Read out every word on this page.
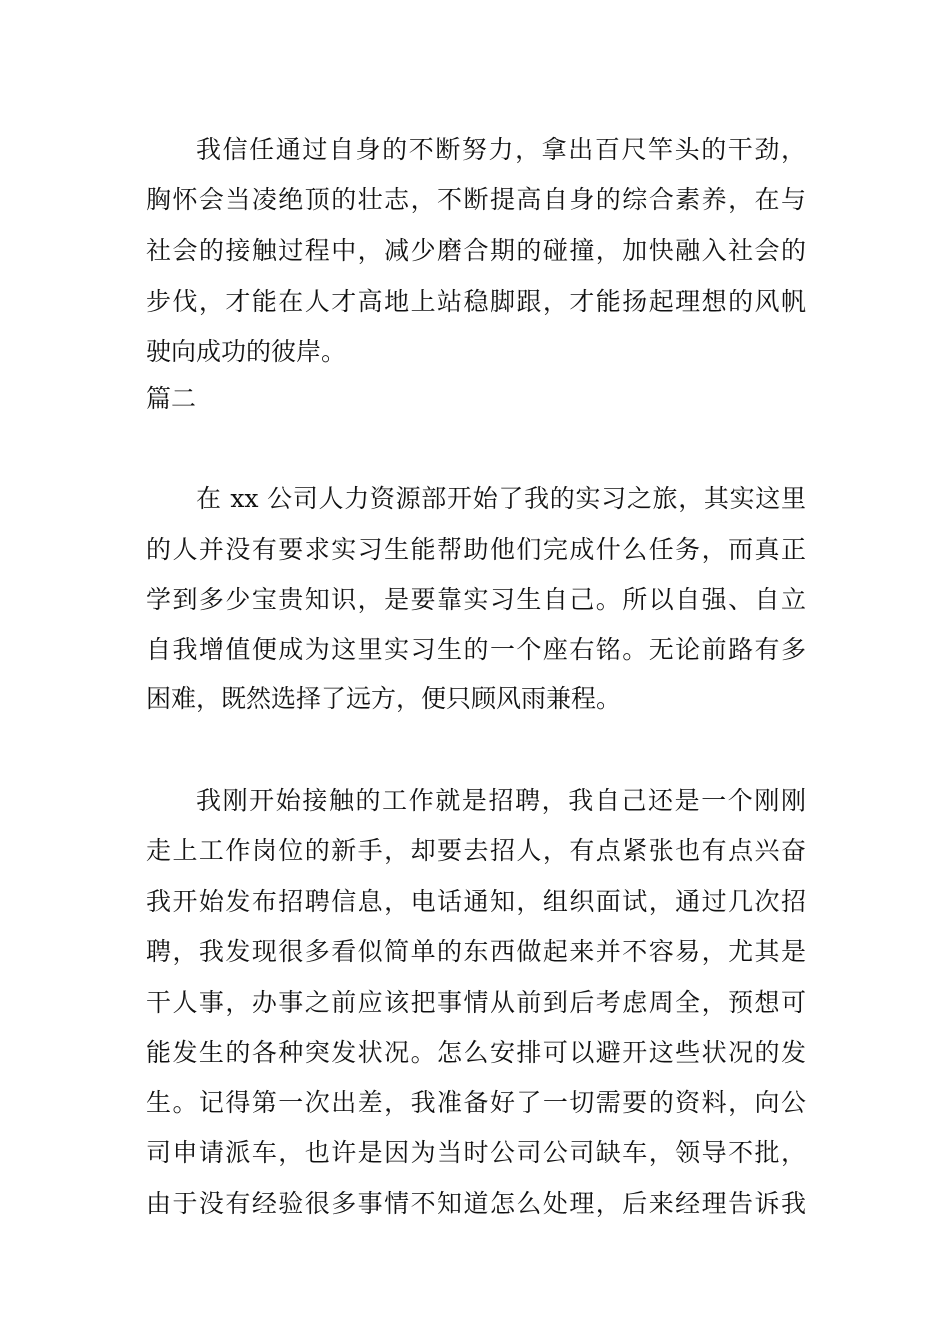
我信任通过自身的不断努力，拿出百尺竿头的干劲，
胸怀会当凌绝顶的壮志，不断提高自身的综合素养，在与
社会的接触过程中，减少磨合期的碰撞，加快融入社会的
步伐，才能在人才高地上站稳脚跟，才能扬起理想的风帆
驶向成功的彼岸。
篇二
在 xx 公司人力资源部开始了我的实习之旅，其实这里
的人并没有要求实习生能帮助他们完成什么任务，而真正
学到多少宝贵知识，是要靠实习生自己。所以自强、自立
自我增值便成为这里实习生的一个座右铭。无论前路有多
困难，既然选择了远方，便只顾风雨兼程。
我刚开始接触的工作就是招聘，我自己还是一个刚刚
走上工作岗位的新手，却要去招人，有点紧张也有点兴奋
我开始发布招聘信息，电话通知，组织面试，通过几次招
聘，我发现很多看似简单的东西做起来并不容易，尤其是
干人事，办事之前应该把事情从前到后考虑周全，预想可
能发生的各种突发状况。怎么安排可以避开这些状况的发
生。记得第一次出差，我准备好了一切需要的资料，向公
司申请派车，也许是因为当时公司公司缺车，领导不批，
由于没有经验很多事情不知道怎么处理，后来经理告诉我
